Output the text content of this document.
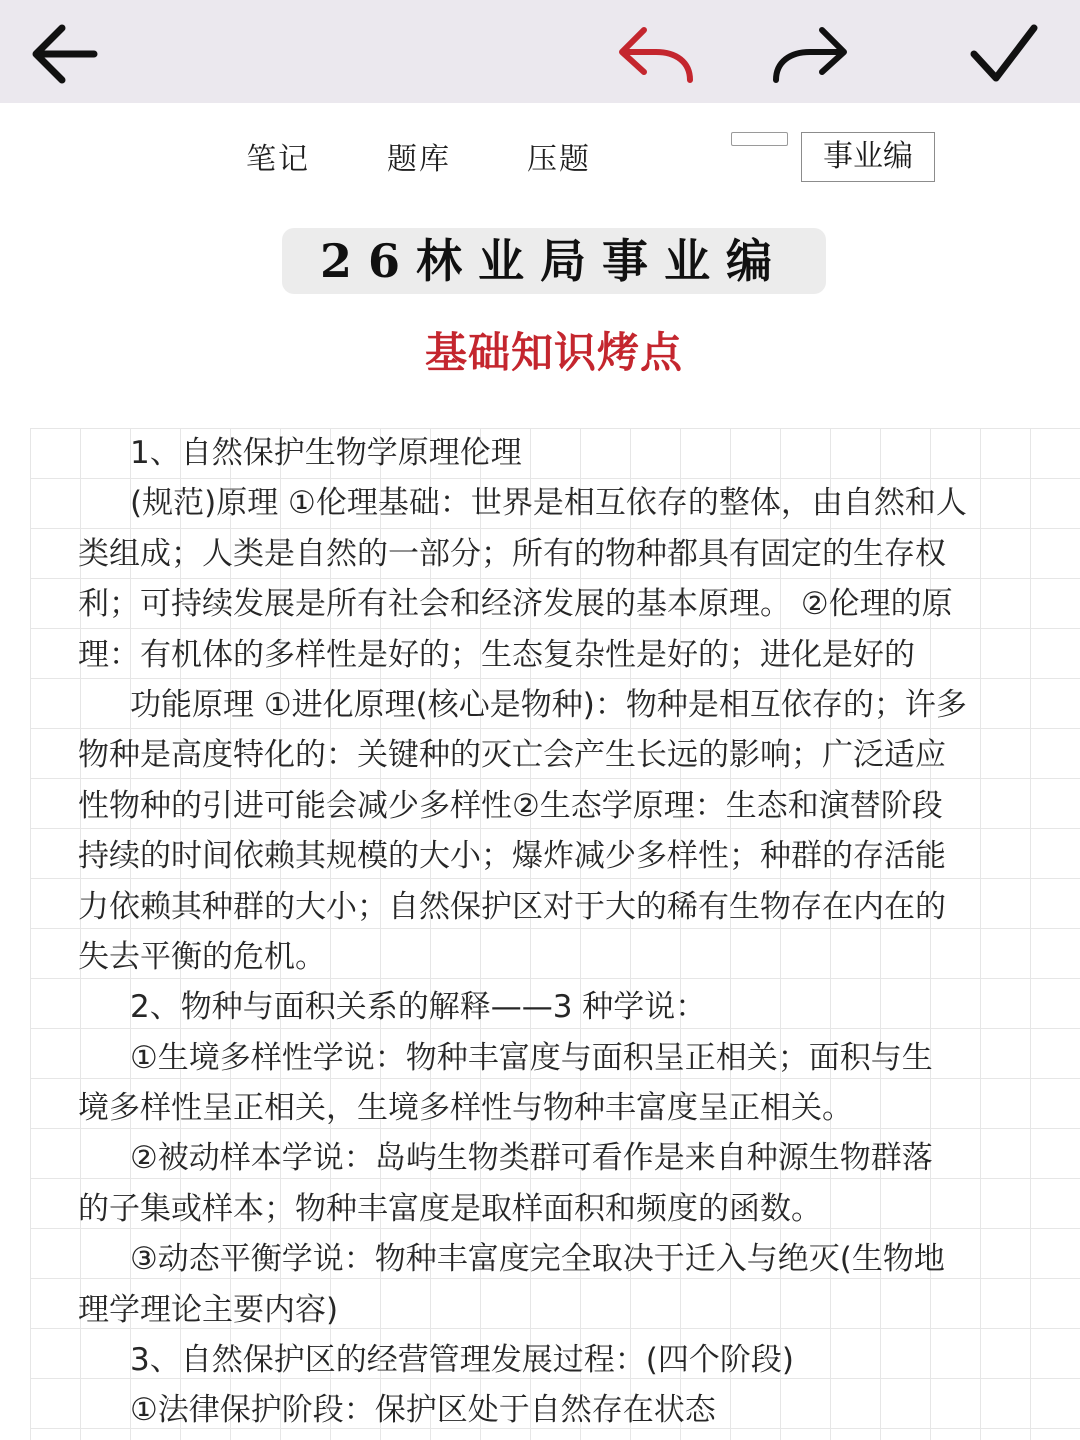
笔记	题库	压题	事业编
26林业局事业编
基础知识烤点
1、自然保护生物学原理伦理
(规范)原理 ①伦理基础：世界是相互依存的整体，由自然和人
类组成；人类是自然的一部分；所有的物种都具有固定的生存权
利；可持续发展是所有社会和经济发展的基本原理。 ②伦理的原
理：有机体的多样性是好的；生态复杂性是好的；进化是好的
功能原理 ①进化原理(核心是物种)：物种是相互依存的；许多
物种是高度特化的：关键种的灭亡会产生长远的影响；广泛适应
性物种的引进可能会减少多样性②生态学原理：生态和演替阶段
持续的时间依赖其规模的大小；爆炸减少多样性；种群的存活能
力依赖其种群的大小；自然保护区对于大的稀有生物存在内在的
失去平衡的危机。
2、物种与面积关系的解释——3 种学说：
①生境多样性学说：物种丰富度与面积呈正相关；面积与生
境多样性呈正相关，生境多样性与物种丰富度呈正相关。
②被动样本学说：岛屿生物类群可看作是来自种源生物群落
的子集或样本；物种丰富度是取样面积和频度的函数。
③动态平衡学说：物种丰富度完全取决于迁入与绝灭(生物地
理学理论主要内容)
3、自然保护区的经营管理发展过程：(四个阶段)
①法律保护阶段：保护区处于自然存在状态
